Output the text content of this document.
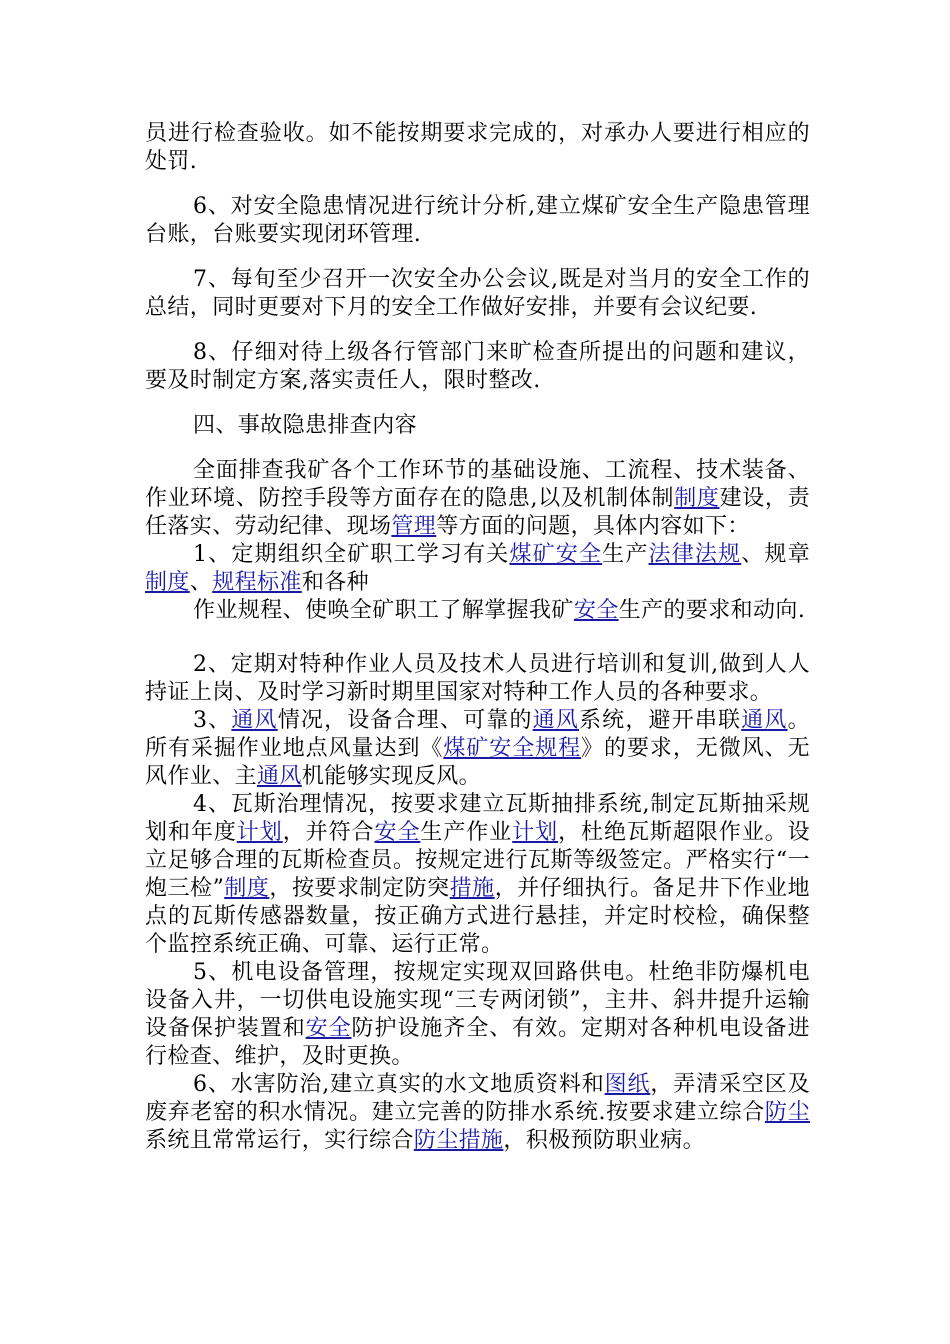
员进行检查验收。如不能按期要求完成的，对承办人要进行相应的处罚.

6、对安全隐患情况进行统计分析,建立煤矿安全生产隐患管理台账，台账要实现闭环管理.

7、每旬至少召开一次安全办公会议,既是对当月的安全工作的总结，同时更要对下月的安全工作做好安排，并要有会议纪要.

8、仔细对待上级各行管部门来旷检查所提出的问题和建议，要及时制定方案,落实责任人，限时整改.

四、事故隐患排查内容

全面排查我矿各个工作环节的基础设施、工流程、技术装备、作业环境、防控手段等方面存在的隐患,以及机制体制制度建设，责任落实、劳动纪律、现场管理等方面的问题，具体内容如下：

1、定期组织全矿职工学习有关煤矿安全生产法律法规、规章制度、规程标准和各种

作业规程、使唤全矿职工了解掌握我矿安全生产的要求和动向.

2、定期对特种作业人员及技术人员进行培训和复训,做到人人持证上岗、及时学习新时期里国家对特种工作人员的各种要求。

3、通风情况，设备合理、可靠的通风系统，避开串联通风。所有采掘作业地点风量达到《煤矿安全规程》的要求，无微风、无风作业、主通风机能够实现反风。

4、瓦斯治理情况，按要求建立瓦斯抽排系统,制定瓦斯抽采规划和年度计划，并符合安全生产作业计划，杜绝瓦斯超限作业。设立足够合理的瓦斯检查员。按规定进行瓦斯等级签定。严格实行“一炮三检”制度，按要求制定防突措施，并仔细执行。备足井下作业地点的瓦斯传感器数量，按正确方式进行悬挂，并定时校检，确保整个监控系统正确、可靠、运行正常。

5、机电设备管理，按规定实现双回路供电。杜绝非防爆机电设备入井，一切供电设施实现“三专两闭锁”，主井、斜井提升运输设备保护装置和安全防护设施齐全、有效。定期对各种机电设备进行检查、维护，及时更换。

6、水害防治,建立真实的水文地质资料和图纸，弄清采空区及废弃老窑的积水情况。建立完善的防排水系统.按要求建立综合防尘系统且常常运行，实行综合防尘措施，积极预防职业病。
